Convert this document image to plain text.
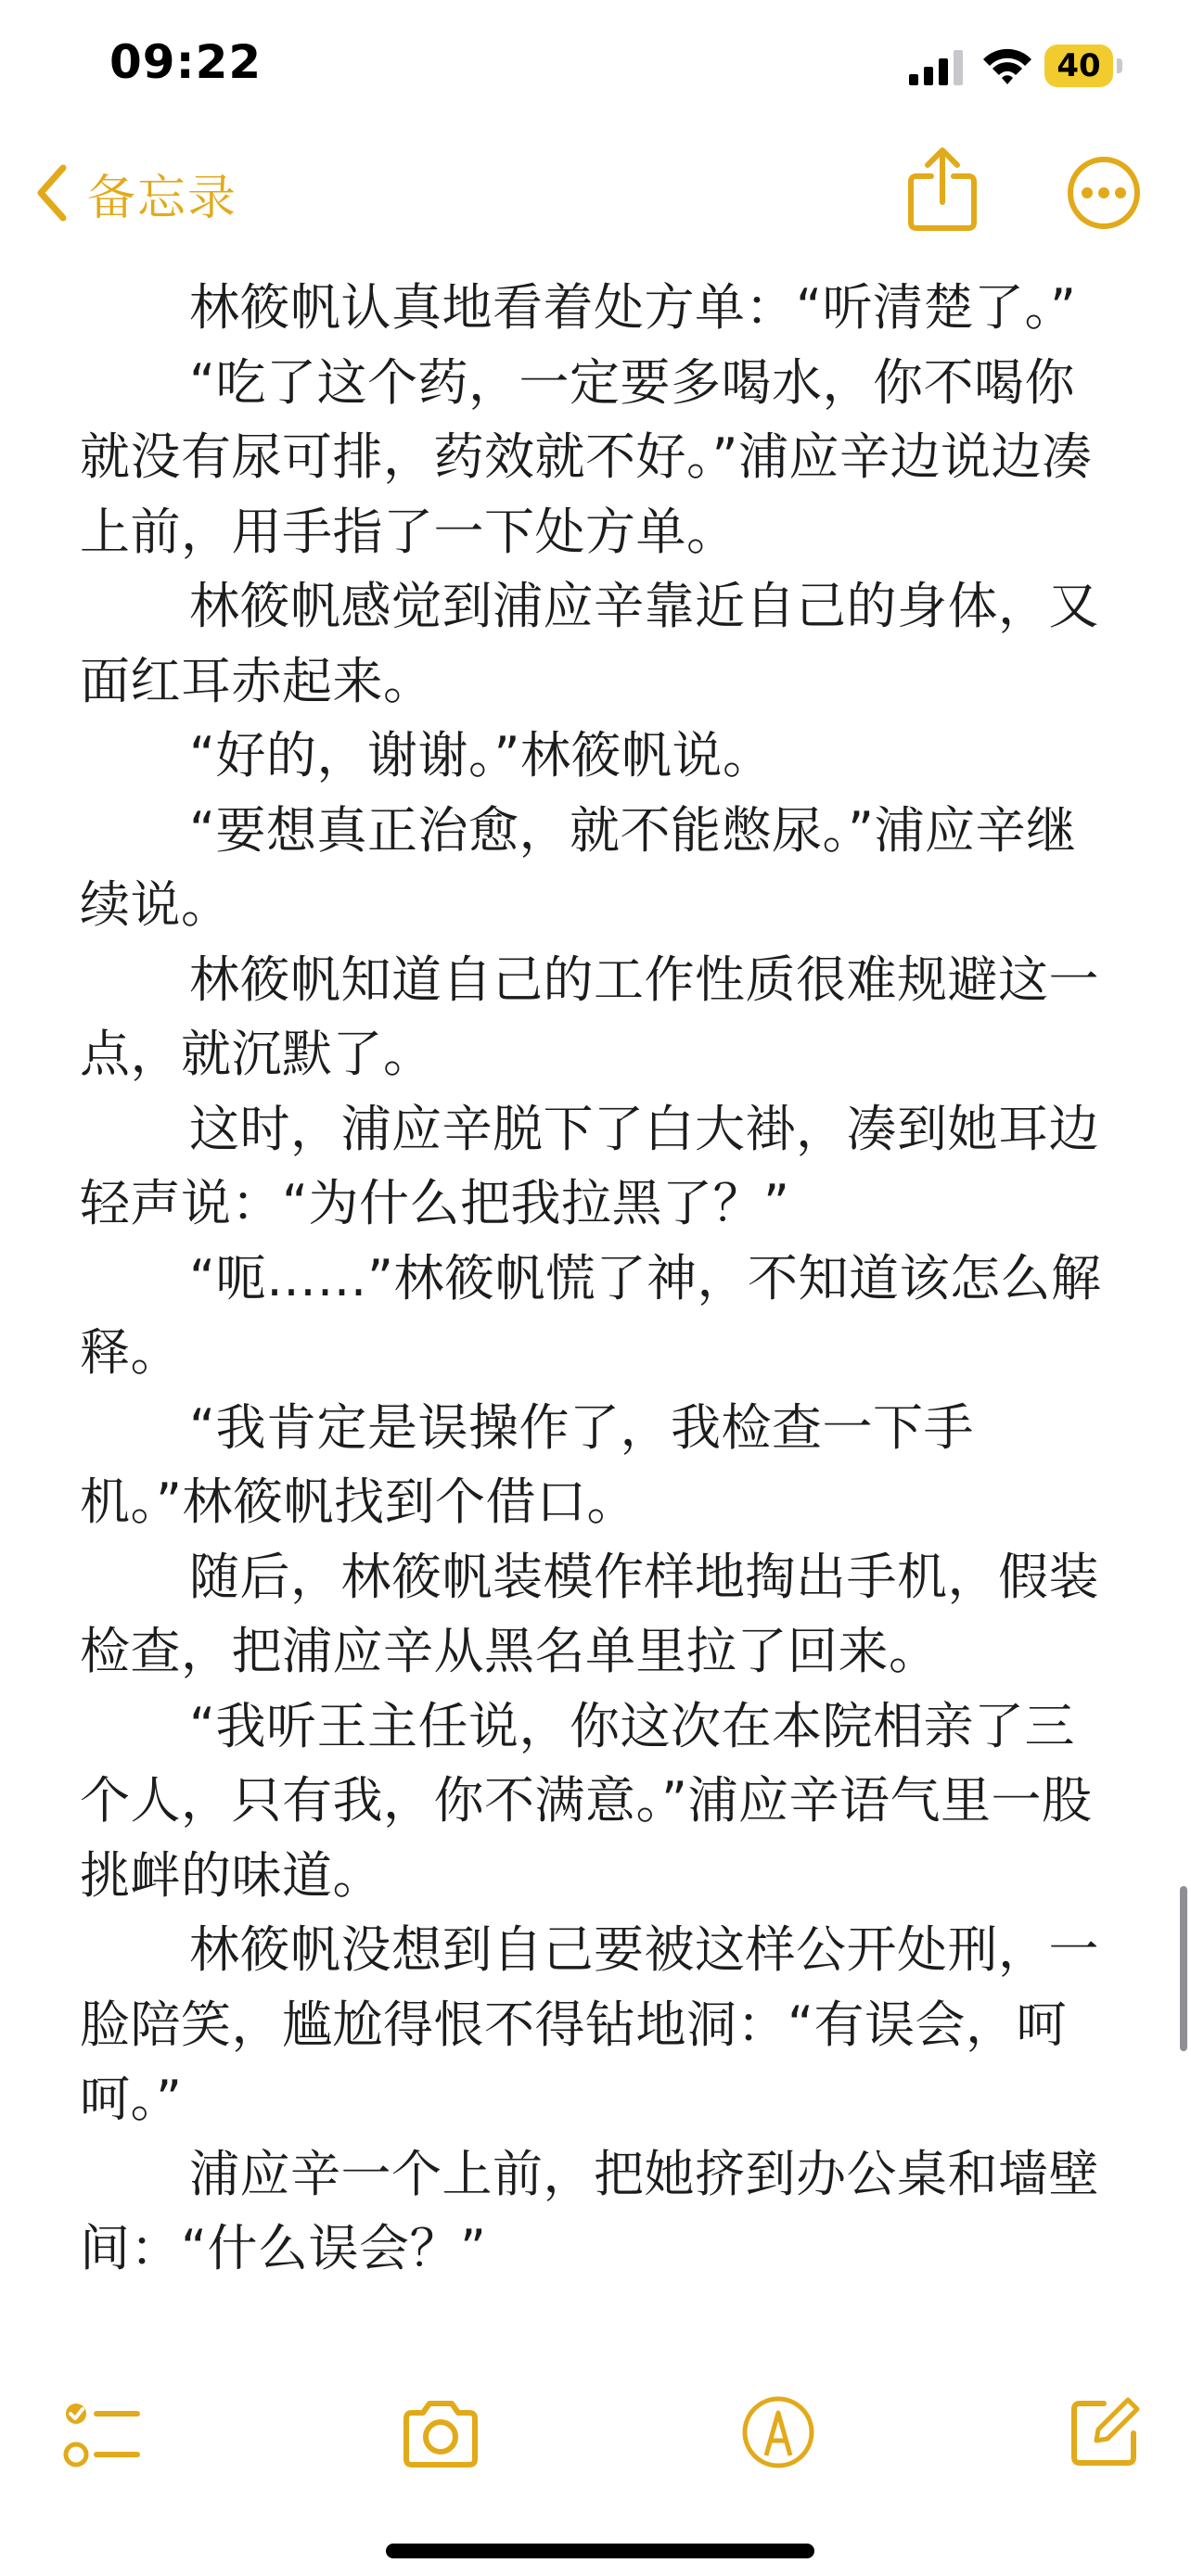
09:22	40
备忘录

林筱帆认真地看着处方单：“听清楚了。”

“吃了这个药，一定要多喝水，你不喝你就没有尿可排，药效就不好。”浦应辛边说边凑上前，用手指了一下处方单。

林筱帆感觉到浦应辛靠近自己的身体，又面红耳赤起来。

“好的，谢谢。”林筱帆说。

“要想真正治愈，就不能憋尿。”浦应辛继续说。

林筱帆知道自己的工作性质很难规避这一点，就沉默了。

这时，浦应辛脱下了白大褂，凑到她耳边轻声说：“为什么把我拉黑了？”

“呃……”林筱帆慌了神，不知道该怎么解释。

“我肯定是误操作了，我检查一下手机。”林筱帆找到个借口。

随后，林筱帆装模作样地掏出手机，假装检查，把浦应辛从黑名单里拉了回来。

“我听王主任说，你这次在本院相亲了三个人，只有我，你不满意。”浦应辛语气里一股挑衅的味道。

林筱帆没想到自己要被这样公开处刑，一脸陪笑，尴尬得恨不得钻地洞：“有误会，呵呵。”

浦应辛一个上前，把她挤到办公桌和墙壁间：“什么误会？”
